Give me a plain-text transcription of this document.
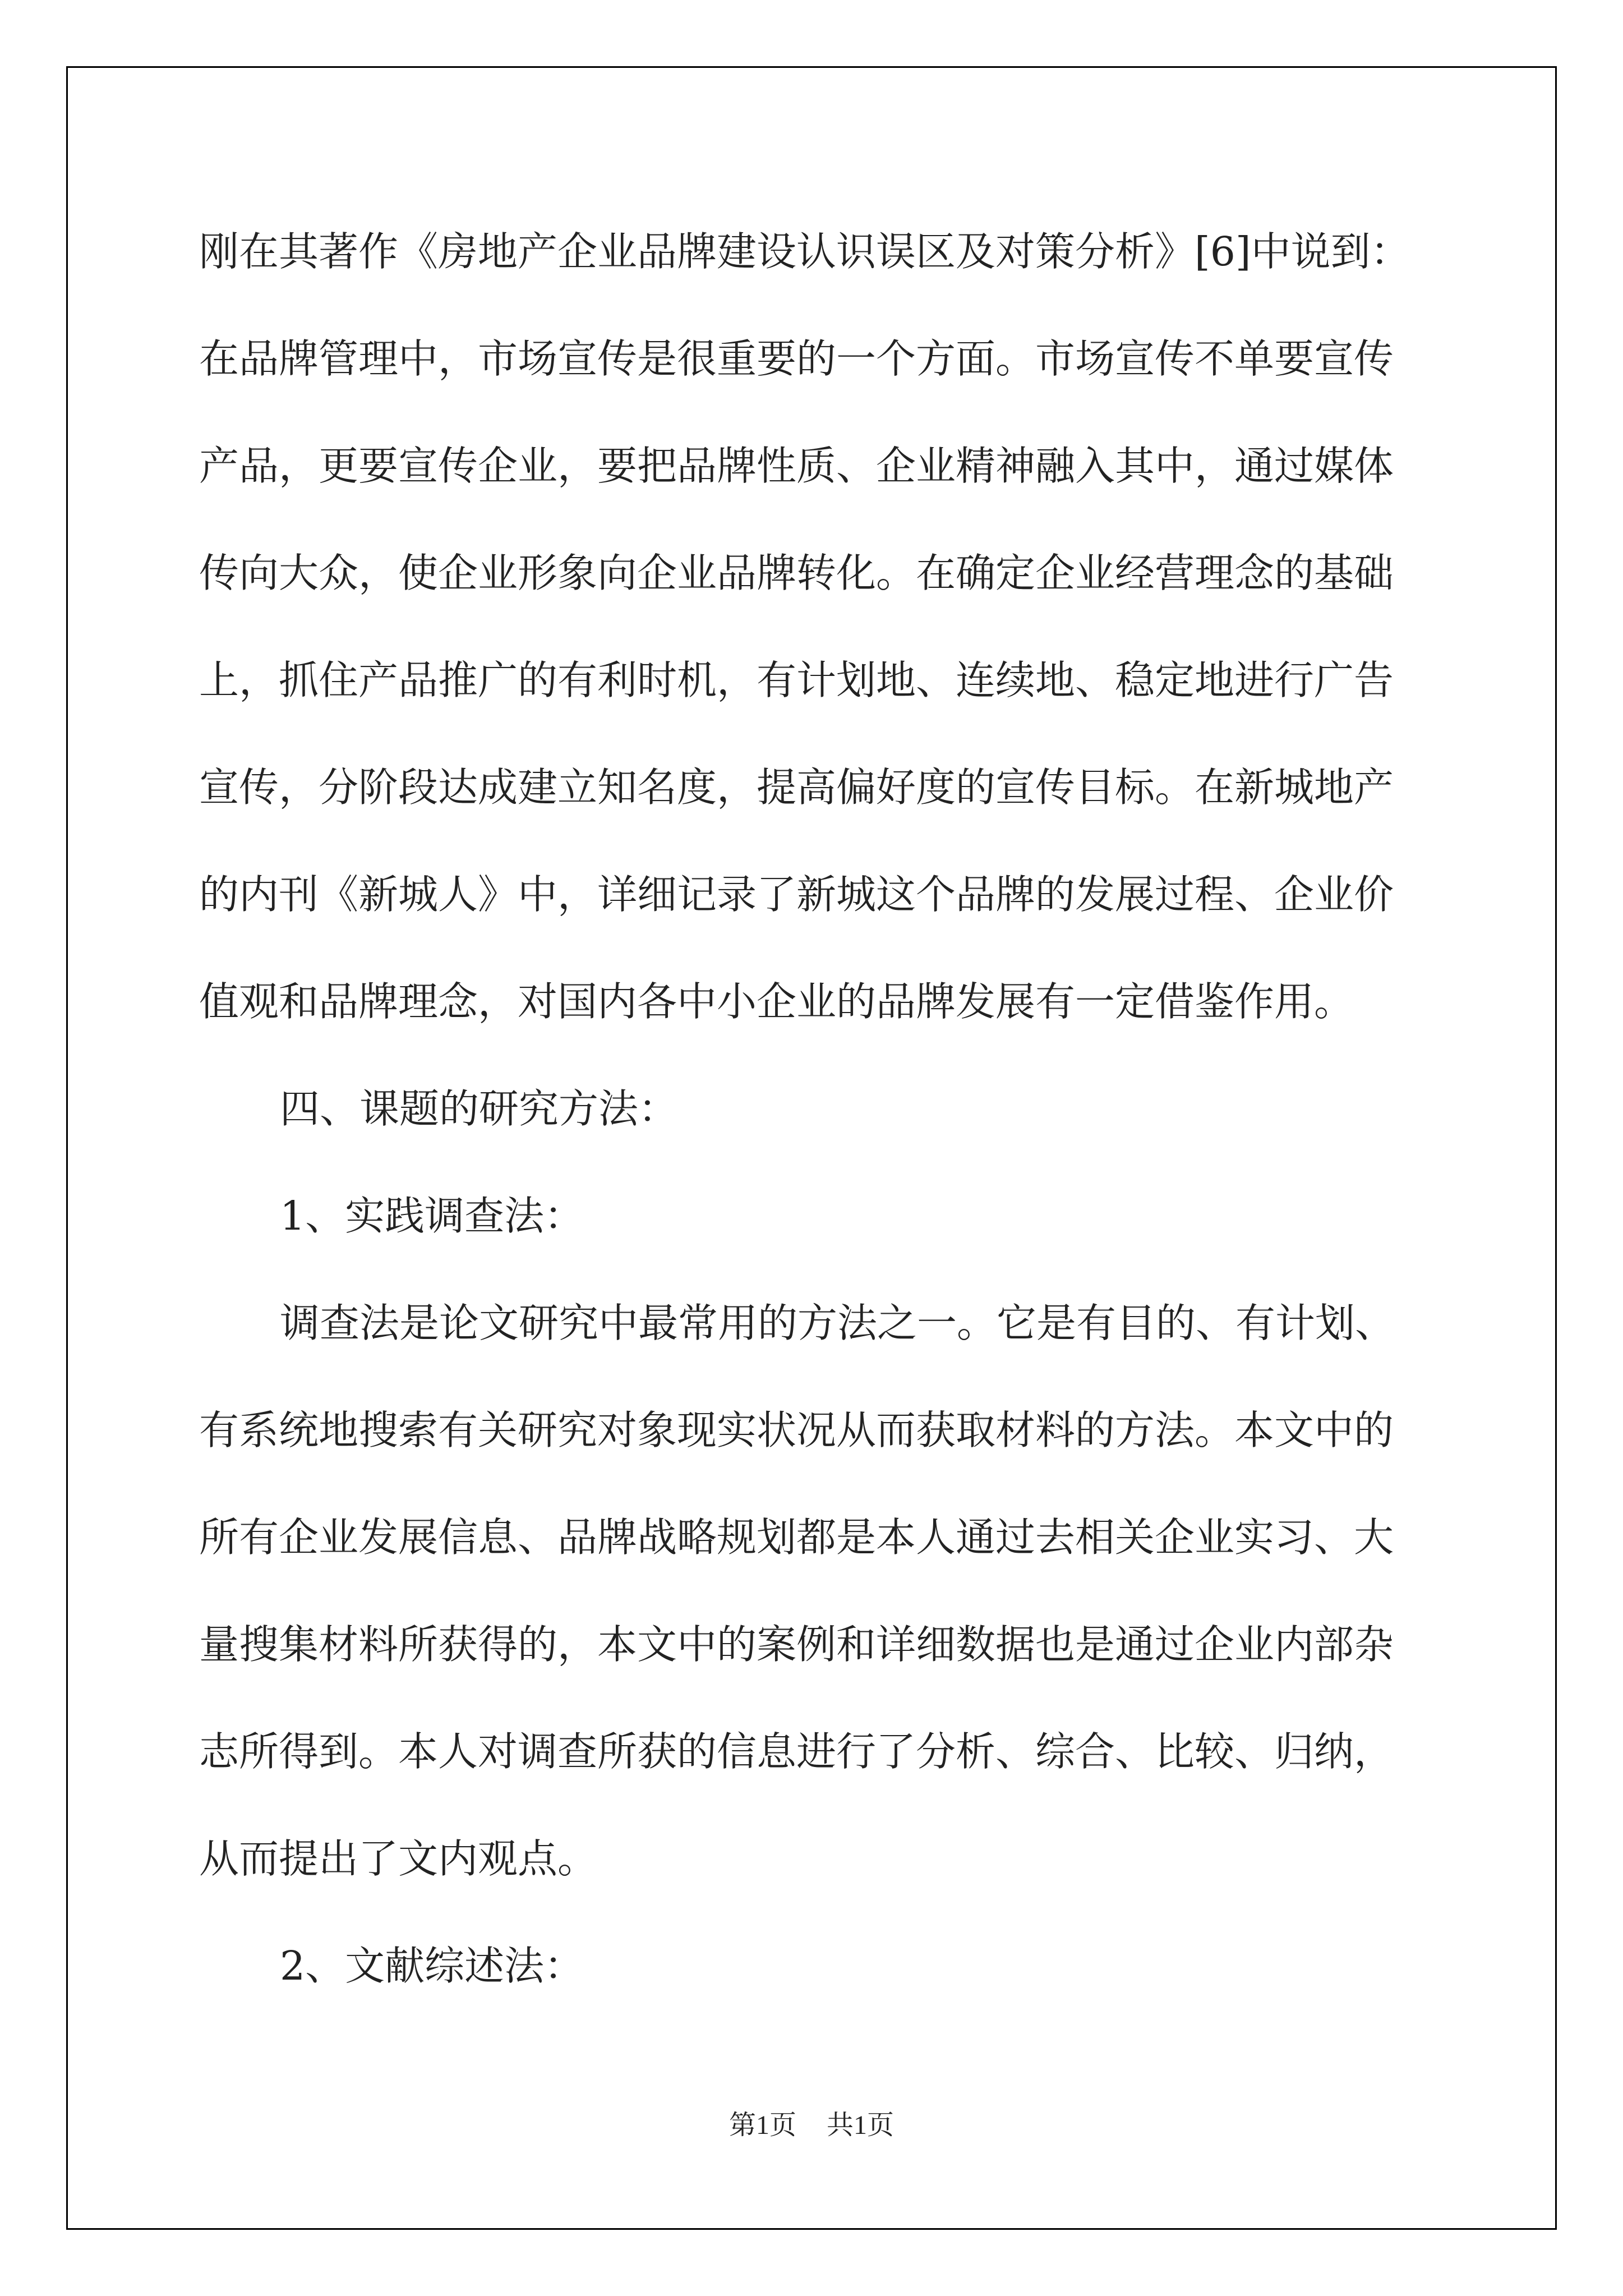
刚在其著作《房地产企业品牌建设认识误区及对策分析》[6]中说到：
在品牌管理中，市场宣传是很重要的一个方面。市场宣传不单要宣传
产品，更要宣传企业，要把品牌性质、企业精神融入其中，通过媒体
传向大众，使企业形象向企业品牌转化。在确定企业经营理念的基础
上，抓住产品推广的有利时机，有计划地、连续地、稳定地进行广告
宣传，分阶段达成建立知名度，提高偏好度的宣传目标。在新城地产
的内刊《新城人》中，详细记录了新城这个品牌的发展过程、企业价
值观和品牌理念，对国内各中小企业的品牌发展有一定借鉴作用。
四、课题的研究方法：
1、实践调查法：
调查法是论文研究中最常用的方法之一。它是有目的、有计划、
有系统地搜索有关研究对象现实状况从而获取材料的方法。本文中的
所有企业发展信息、品牌战略规划都是本人通过去相关企业实习、大
量搜集材料所获得的，本文中的案例和详细数据也是通过企业内部杂
志所得到。本人对调查所获的信息进行了分析、综合、比较、归纳，
从而提出了文内观点。
2、文献综述法：
第1页 共1页
